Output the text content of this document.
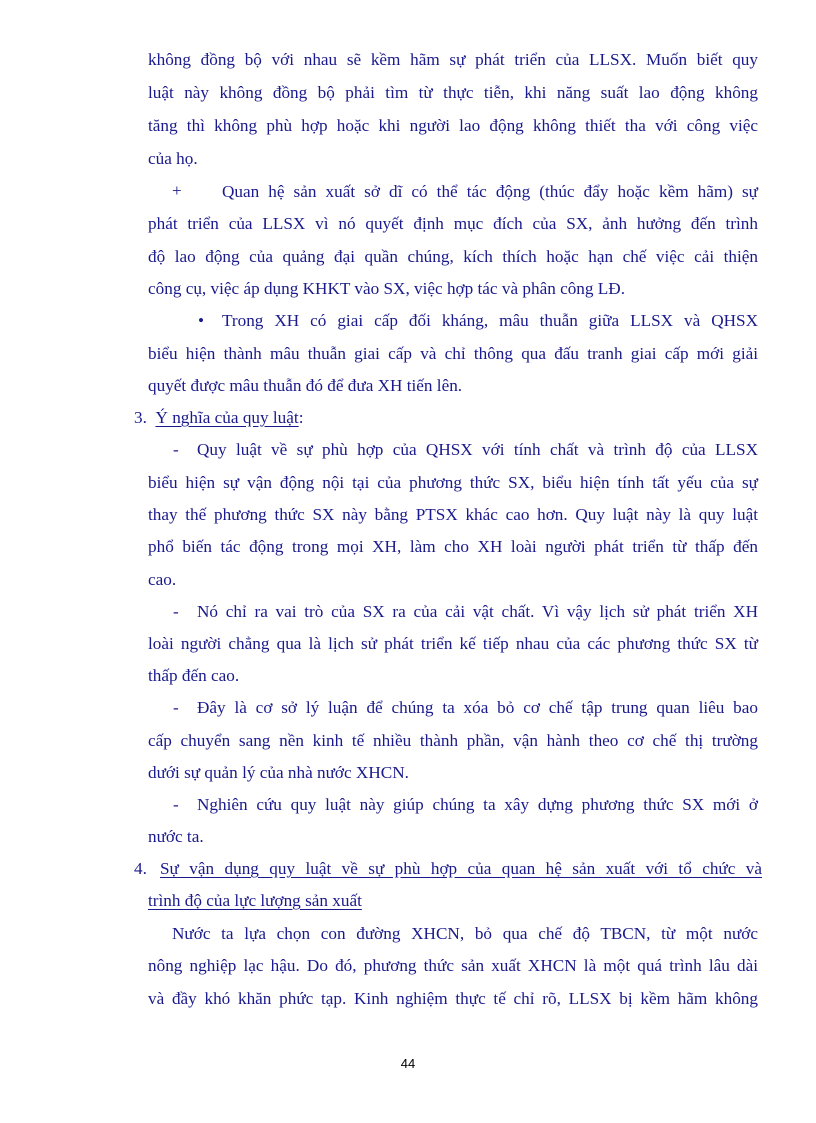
không đồng bộ với nhau sẽ kềm hãm sự phát triển của LLSX. Muốn biết quy
luật này không đồng bộ phải tìm từ thực tiễn, khi năng suất lao động không
tăng thì không phù hợp hoặc khi người lao động không thiết tha với công việc
của họ.
+ Quan hệ sản xuất sở dĩ có thể tác động (thúc đẩy hoặc kềm hãm) sự
phát triển của LLSX vì nó quyết định mục đích của SX, ảnh hưởng đến trình
độ lao động của quảng đại quần chúng, kích thích hoặc hạn chế việc cải thiện
công cụ, việc áp dụng KHKT vào SX, việc hợp tác và phân công LĐ.
• Trong XH có giai cấp đối kháng, mâu thuẫn giữa LLSX và QHSX
biểu hiện thành mâu thuẫn giai cấp và chỉ thông qua đấu tranh giai cấp mới giải
quyết được mâu thuẫn đó để đưa XH tiến lên.
3. Ý nghĩa của quy luật:
- Quy luật về sự phù hợp của QHSX với tính chất và trình độ của LLSX
biểu hiện sự vận động nội tại của phương thức SX, biểu hiện tính tất yếu của sự
thay thế phương thức SX này bằng PTSX khác cao hơn. Quy luật này là quy luật
phổ biến tác động trong mọi XH, làm cho XH loài người phát triển từ thấp đến
cao.
- Nó chỉ ra vai trò của SX ra của cải vật chất. Vì vậy lịch sử phát triển XH
loài người chẳng qua là lịch sử phát triển kế tiếp nhau của các phương thức SX từ
thấp đến cao.
- Đây là cơ sở lý luận để chúng ta xóa bỏ cơ chế tập trung quan liêu bao
cấp chuyển sang nền kinh tế nhiều thành phần, vận hành theo cơ chế thị trường
dưới sự quản lý của nhà nước XHCN.
- Nghiên cứu quy luật này giúp chúng ta xây dựng phương thức SX mới ở
nước ta.
4. Sự vận dụng quy luật về sự phù hợp của quan hệ sản xuất với tổ chức và
trình độ của lực lượng sản xuất
Nước ta lựa chọn con đường XHCN, bỏ qua chế độ TBCN, từ một nước
nông nghiệp lạc hậu. Do đó, phương thức sản xuất XHCN là một quá trình lâu dài
và đầy khó khăn phức tạp. Kinh nghiệm thực tế chỉ rõ, LLSX bị kềm hãm không
44
